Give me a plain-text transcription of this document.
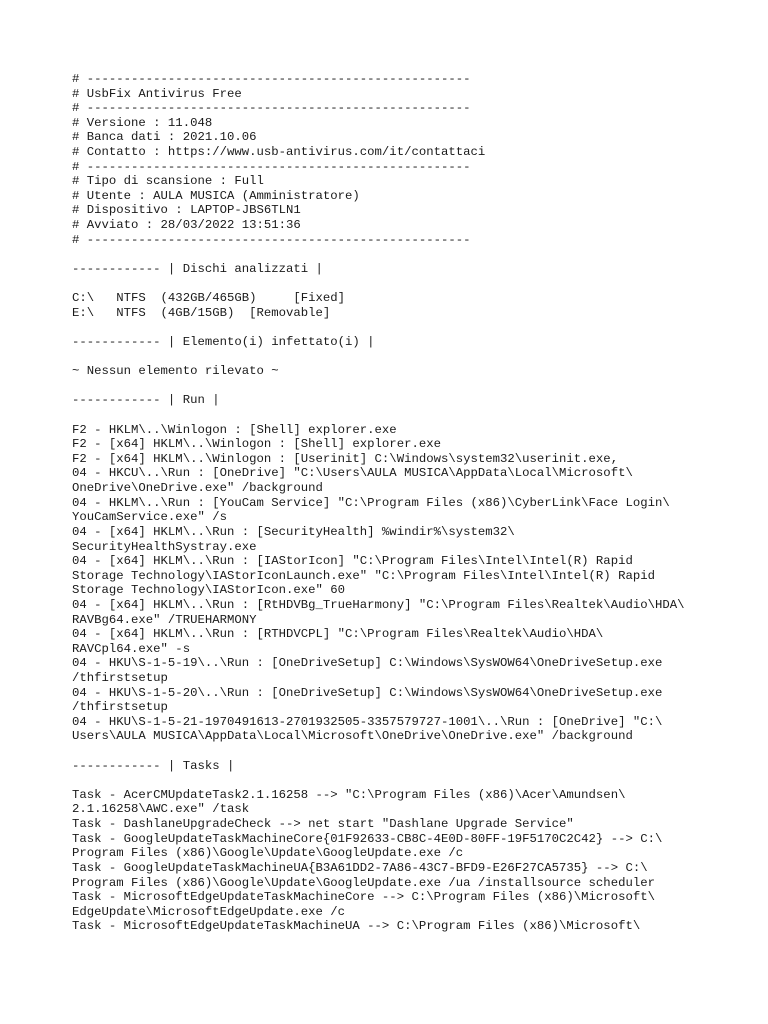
# ----------------------------------------------------
# UsbFix Antivirus Free
# ----------------------------------------------------
# Versione : 11.048
# Banca dati : 2021.10.06
# Contatto : https://www.usb-antivirus.com/it/contattaci
# ----------------------------------------------------
# Tipo di scansione : Full
# Utente : AULA MUSICA (Amministratore)
# Dispositivo : LAPTOP-JBS6TLN1
# Avviato : 28/03/2022 13:51:36
# ----------------------------------------------------
------------ | Dischi analizzati |
C:\   NTFS  (432GB/465GB)     [Fixed]
E:\   NTFS  (4GB/15GB)  [Removable]
------------ | Elemento(i) infettato(i) |
~ Nessun elemento rilevato ~
------------ | Run |
F2 - HKLM\..\Winlogon : [Shell] explorer.exe
F2 - [x64] HKLM\..\Winlogon : [Shell] explorer.exe
F2 - [x64] HKLM\..\Winlogon : [Userinit] C:\Windows\system32\userinit.exe,
04 - HKCU\..\Run : [OneDrive] "C:\Users\AULA MUSICA\AppData\Local\Microsoft\
OneDrive\OneDrive.exe" /background
04 - HKLM\..\Run : [YouCam Service] "C:\Program Files (x86)\CyberLink\Face Login\
YouCamService.exe" /s
04 - [x64] HKLM\..\Run : [SecurityHealth] %windir%\system32\
SecurityHealthSystray.exe
04 - [x64] HKLM\..\Run : [IAStorIcon] "C:\Program Files\Intel\Intel(R) Rapid
Storage Technology\IAStorIconLaunch.exe" "C:\Program Files\Intel\Intel(R) Rapid
Storage Technology\IAStorIcon.exe" 60
04 - [x64] HKLM\..\Run : [RtHDVBg_TrueHarmony] "C:\Program Files\Realtek\Audio\HDA\
RAVBg64.exe" /TRUEHARMONY
04 - [x64] HKLM\..\Run : [RTHDVCPL] "C:\Program Files\Realtek\Audio\HDA\
RAVCpl64.exe" -s
04 - HKU\S-1-5-19\..\Run : [OneDriveSetup] C:\Windows\SysWOW64\OneDriveSetup.exe
/thfirstsetup
04 - HKU\S-1-5-20\..\Run : [OneDriveSetup] C:\Windows\SysWOW64\OneDriveSetup.exe
/thfirstsetup
04 - HKU\S-1-5-21-1970491613-2701932505-3357579727-1001\..\Run : [OneDrive] "C:\
Users\AULA MUSICA\AppData\Local\Microsoft\OneDrive\OneDrive.exe" /background
------------ | Tasks |
Task - AcerCMUpdateTask2.1.16258 --> "C:\Program Files (x86)\Acer\Amundsen\
2.1.16258\AWC.exe" /task
Task - DashlaneUpgradeCheck --> net start "Dashlane Upgrade Service"
Task - GoogleUpdateTaskMachineCore{01F92633-CB8C-4E0D-80FF-19F5170C2C42} --> C:\
Program Files (x86)\Google\Update\GoogleUpdate.exe /c
Task - GoogleUpdateTaskMachineUA{B3A61DD2-7A86-43C7-BFD9-E26F27CA5735} --> C:\
Program Files (x86)\Google\Update\GoogleUpdate.exe /ua /installsource scheduler
Task - MicrosoftEdgeUpdateTaskMachineCore --> C:\Program Files (x86)\Microsoft\
EdgeUpdate\MicrosoftEdgeUpdate.exe /c
Task - MicrosoftEdgeUpdateTaskMachineUA --> C:\Program Files (x86)\Microsoft\
